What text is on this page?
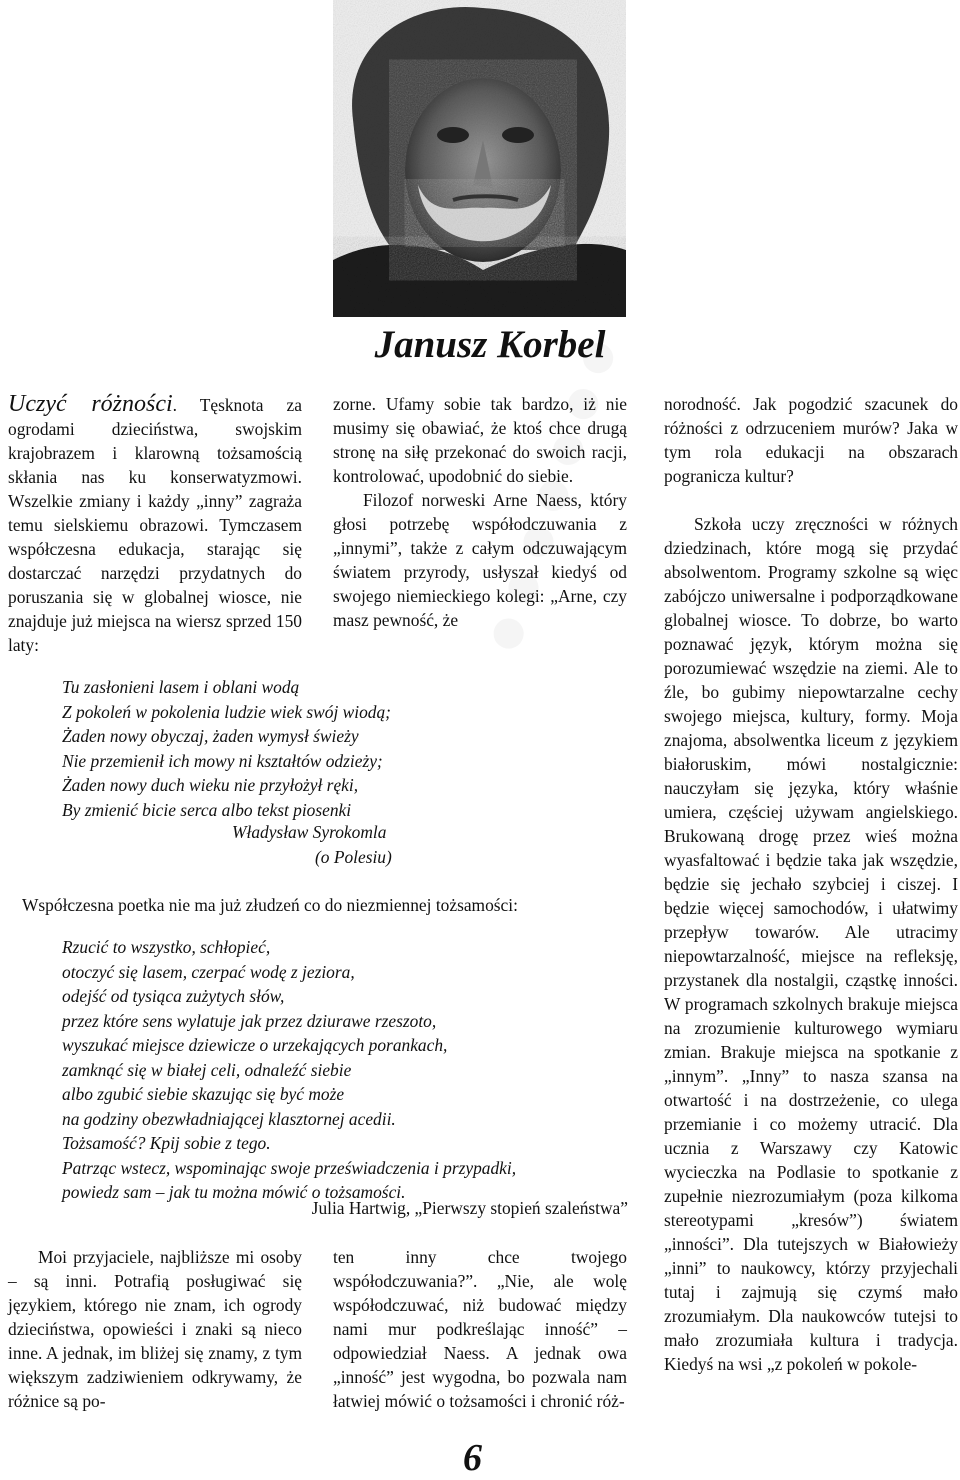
Janusz Korbel

Uczyć różności. Tęsknota za ogrodami dzieciństwa, swojskim krajobrazem i klarowną tożsamością skłania nas ku konserwatyzmowi. Wszelkie zmiany i każdy „inny” zagraża temu sielskiemu obrazowi. Tymczasem współczesna edukacja, starając się dostarczać narzędzi przydatnych do poruszania się w globalnej wiosce, nie znajduje już miejsca na wiersz sprzed 150 laty:

zorne. Ufamy sobie tak bardzo, iż nie musimy się obawiać, że ktoś chce drugą stronę na siłę przekonać do swoich racji, kontrolować, upodobnić do siebie.

Filozof norweski Arne Naess, który głosi potrzebę współodczuwania z „innymi”, także z całym odczuwającym światem przyrody, usłyszał kiedyś od swojego niemieckiego kolegi: „Arne, czy masz pewność, że

norodność. Jak pogodzić szacunek do różności z odrzuceniem murów? Jaka w tym rola edukacji na obszarach pogranicza kultur?

Szkoła uczy zręczności w różnych dziedzinach, które mogą się przydać absolwentom. Programy szkolne są więc zabójczo uniwersalne i podporządkowane globalnej wiosce. To dobrze, bo warto poznawać język, którym można się porozumiewać wszędzie na ziemi. Ale to źle, bo gubimy niepowtarzalne cechy swojego miejsca, kultury, formy. Moja znajoma, absolwentka liceum z językiem białoruskim, mówi nostalgicznie: nauczyłam się języka, który właśnie umiera, częściej używam angielskiego. Brukowaną drogę przez wieś można wyasfaltować i będzie taka jak wszędzie, będzie się jechało szybciej i ciszej. I będzie więcej samochodów, i ułatwimy przepływ towarów. Ale utracimy niepowtarzalność, miejsce na refleksję, przystanek dla nostalgii, cząstkę inności. W programach szkolnych brakuje miejsca na zrozumienie kulturowego wymiaru zmian. Brakuje miejsca na spotkanie z „innym”. „Inny” to nasza szansa na otwartość i na dostrzeżenie, co ulega przemianie i co możemy utracić. Dla ucznia z Warszawy czy Katowic wycieczka na Podlasie to spotkanie z zupełnie niezrozumiałym (poza kilkoma stereotypami „kresów”) światem „inności”. Dla tutejszych w Białowieży „inni” to naukowcy, którzy przyjechali tutaj i zajmują się czymś mało zrozumiałym. Dla naukowców tutejsi to mało zrozumiała kultura i tradycja. Kiedyś na wsi „z pokoleń w pokole-

Tu zasłonieni lasem i oblani wodą

Z pokoleń w pokolenia ludzie wiek swój wiodą;

Żaden nowy obyczaj, żaden wymysł świeży

Nie przemienił ich mowy ni kształtów odzieży;

Żaden nowy duch wieku nie przyłożył ręki,

By zmienić bicie serca albo tekst piosenki

Władysław Syrokomla
(o Polesiu)
Współczesna poetka nie ma już złudzeń co do niezmiennej tożsamości:

Rzucić to wszystko, schłopieć,

otoczyć się lasem, czerpać wodę z jeziora,

odejść od tysiąca zużytych słów,

przez które sens wylatuje jak przez dziurawe rzeszoto,

wyszukać miejsce dziewicze o urzekających porankach,

zamknąć się w białej celi, odnaleźć siebie

albo zgubić siebie skazując się być może

na godziny obezwładniającej klasztornej acedii.

Tożsamość? Kpij sobie z tego.

Patrząc wstecz, wspominając swoje przeświadczenia i przypadki,

powiedz sam – jak tu można mówić o tożsamości.

Julia Hartwig, „Pierwszy stopień szaleństwa”

Moi przyjaciele, najbliższe mi osoby – są inni. Potrafią posługiwać się językiem, którego nie znam, ich ogrody dzieciństwa, opowieści i znaki są nieco inne. A jednak, im bliżej się znamy, z tym większym zadziwieniem odkrywamy, że różnice są po-

ten inny chce twojego współodczuwania?”. „Nie, ale wolę współodczuwać, niż budować między nami mur podkreślając inność” – odpowiedział Naess. A jednak owa „inność” jest wygodna, bo pozwala nam łatwiej mówić o tożsamości i chronić róż-

6
